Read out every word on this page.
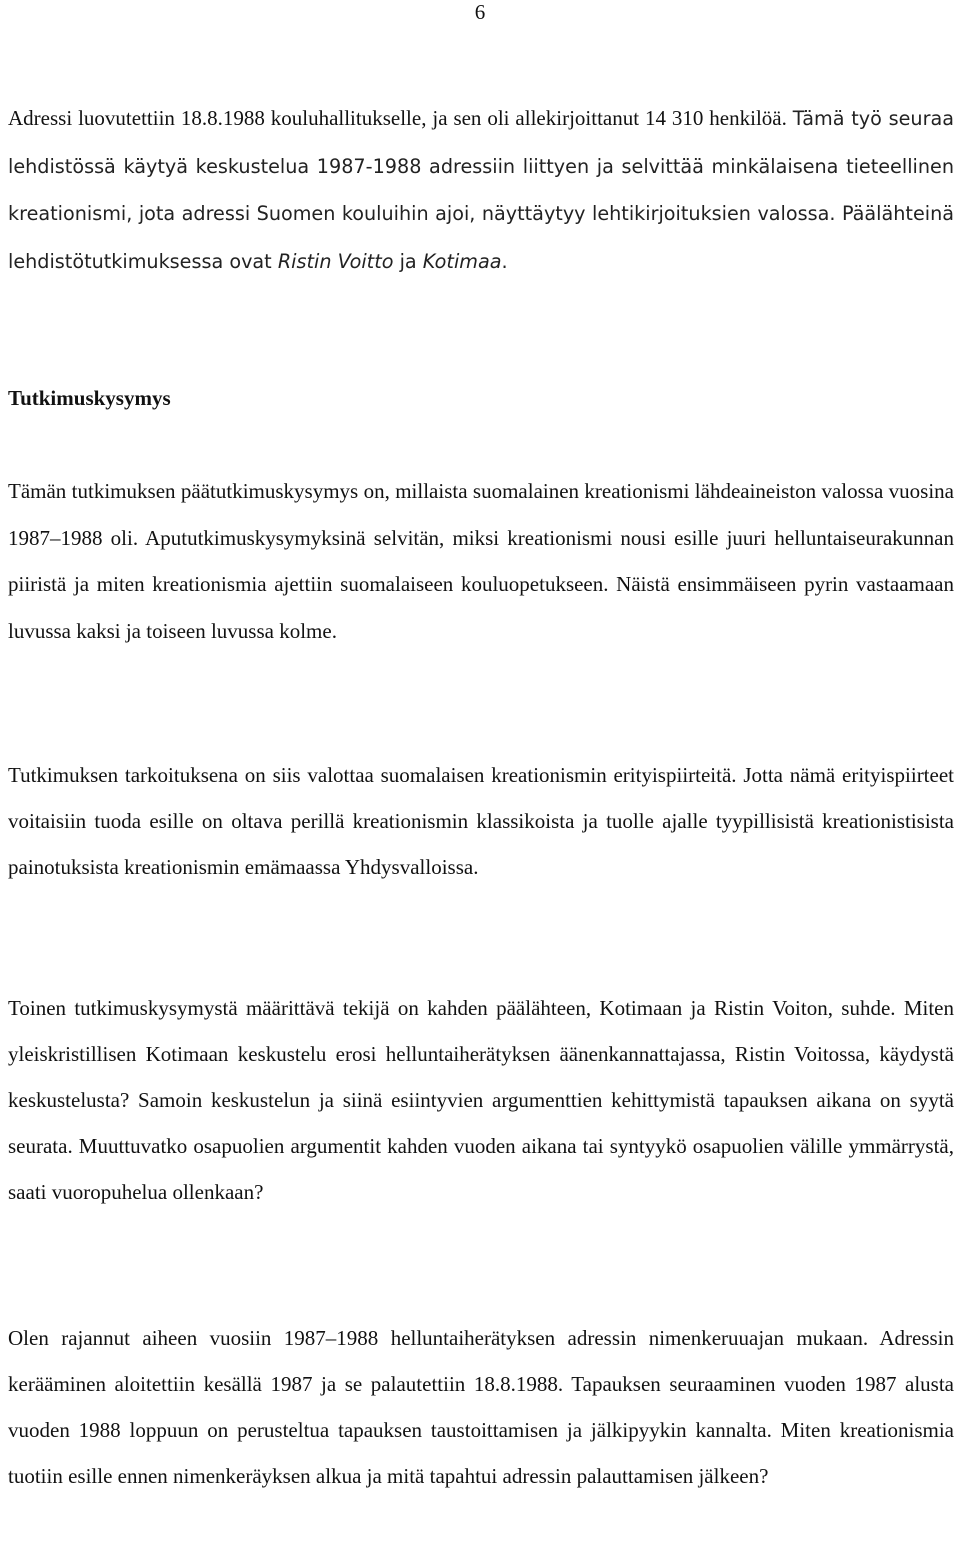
6
Adressi luovutettiin 18.8.1988 kouluhallitukselle, ja sen oli allekirjoittanut 14 310 henkilöä. Tämä työ seuraa lehdistössä käytyä keskustelua 1987-1988 adressiin liittyen ja selvittää minkälaisena tieteellinen kreationismi, jota adressi Suomen kouluihin ajoi, näyttäytyy lehtikirjoituksien valossa. Päälähteinä lehdistötutkimuksessa ovat Ristin Voitto ja Kotimaa.
Tutkimuskysymys
Tämän tutkimuksen päätutkimuskysymys on, millaista suomalainen kreationismi lähdeaineiston valossa vuosina 1987–1988 oli. Apututkimuskysymyksinä selvitän, miksi kreationismi nousi esille juuri helluntaiseurakunnan piiristä ja miten kreationismia ajettiin suomalaiseen kouluopetukseen. Näistä ensimmäiseen pyrin vastaamaan luvussa kaksi ja toiseen luvussa kolme.
Tutkimuksen tarkoituksena on siis valottaa suomalaisen kreationismin erityispiirteitä. Jotta nämä erityispiirteet voitaisiin tuoda esille on oltava perillä kreationismin klassikoista ja tuolle ajalle tyypillisistä kreationistisista painotuksista kreationismin emämaassa Yhdysvalloissa.
Toinen tutkimuskysymystä määrittävä tekijä on kahden päälähteen, Kotimaan ja Ristin Voiton, suhde. Miten yleiskristillisen Kotimaan keskustelu erosi helluntaiherätyksen äänenkannattajassa, Ristin Voitossa, käydystä keskustelusta? Samoin keskustelun ja siinä esiintyvien argumenttien kehittymistä tapauksen aikana on syytä seurata. Muuttuvatko osapuolien argumentit kahden vuoden aikana tai syntyykö osapuolien välille ymmärrystä, saati vuoropuhelua ollenkaan?
Olen rajannut aiheen vuosiin 1987–1988 helluntaiherätyksen adressin nimenkeruuajan mukaan. Adressin kerääminen aloitettiin kesällä 1987 ja se palautettiin 18.8.1988. Tapauksen seuraaminen vuoden 1987 alusta vuoden 1988 loppuun on perusteltua tapauksen taustoittamisen ja jälkipyykin kannalta. Miten kreationismia tuotiin esille ennen nimenkeräyksen alkua ja mitä tapahtui adressin palauttamisen jälkeen?
